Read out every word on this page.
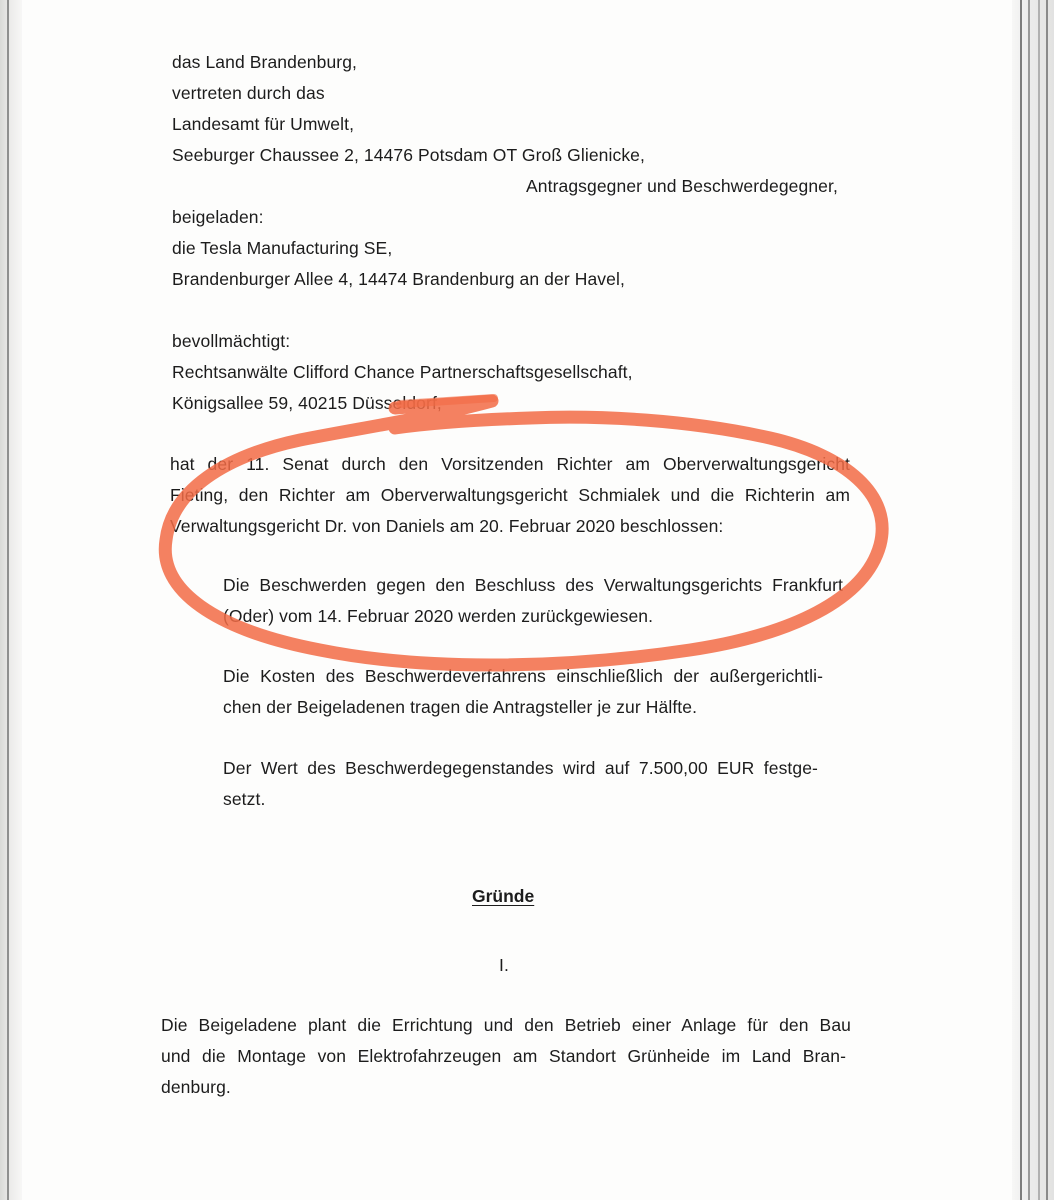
das Land Brandenburg,
vertreten durch das
Landesamt für Umwelt,
Seeburger Chaussee 2, 14476 Potsdam OT Groß Glienicke,
Antragsgegner und Beschwerdegegner,
beigeladen:
die Tesla Manufacturing SE,
Brandenburger Allee 4, 14474 Brandenburg an der Havel,
bevollmächtigt:
Rechtsanwälte Clifford Chance Partnerschaftsgesellschaft,
Königsallee 59, 40215 Düsseldorf,
hat der 11. Senat durch den Vorsitzenden Richter am Oberverwaltungsgericht
Fieting, den Richter am Oberverwaltungsgericht Schmialek und die Richterin am
Verwaltungsgericht Dr. von Daniels am 20. Februar 2020 beschlossen:
Die Beschwerden gegen den Beschluss des Verwaltungsgerichts Frankfurt
(Oder) vom 14. Februar 2020 werden zurückgewiesen.
Die Kosten des Beschwerdeverfahrens einschließlich der außergerichtli-
chen der Beigeladenen tragen die Antragsteller je zur Hälfte.
Der Wert des Beschwerdegegenstandes wird auf 7.500,00 EUR festge-
setzt.
Gründe
I.
Die Beigeladene plant die Errichtung und den Betrieb einer Anlage für den Bau
und die Montage von Elektrofahrzeugen am Standort Grünheide im Land Bran-
denburg.
